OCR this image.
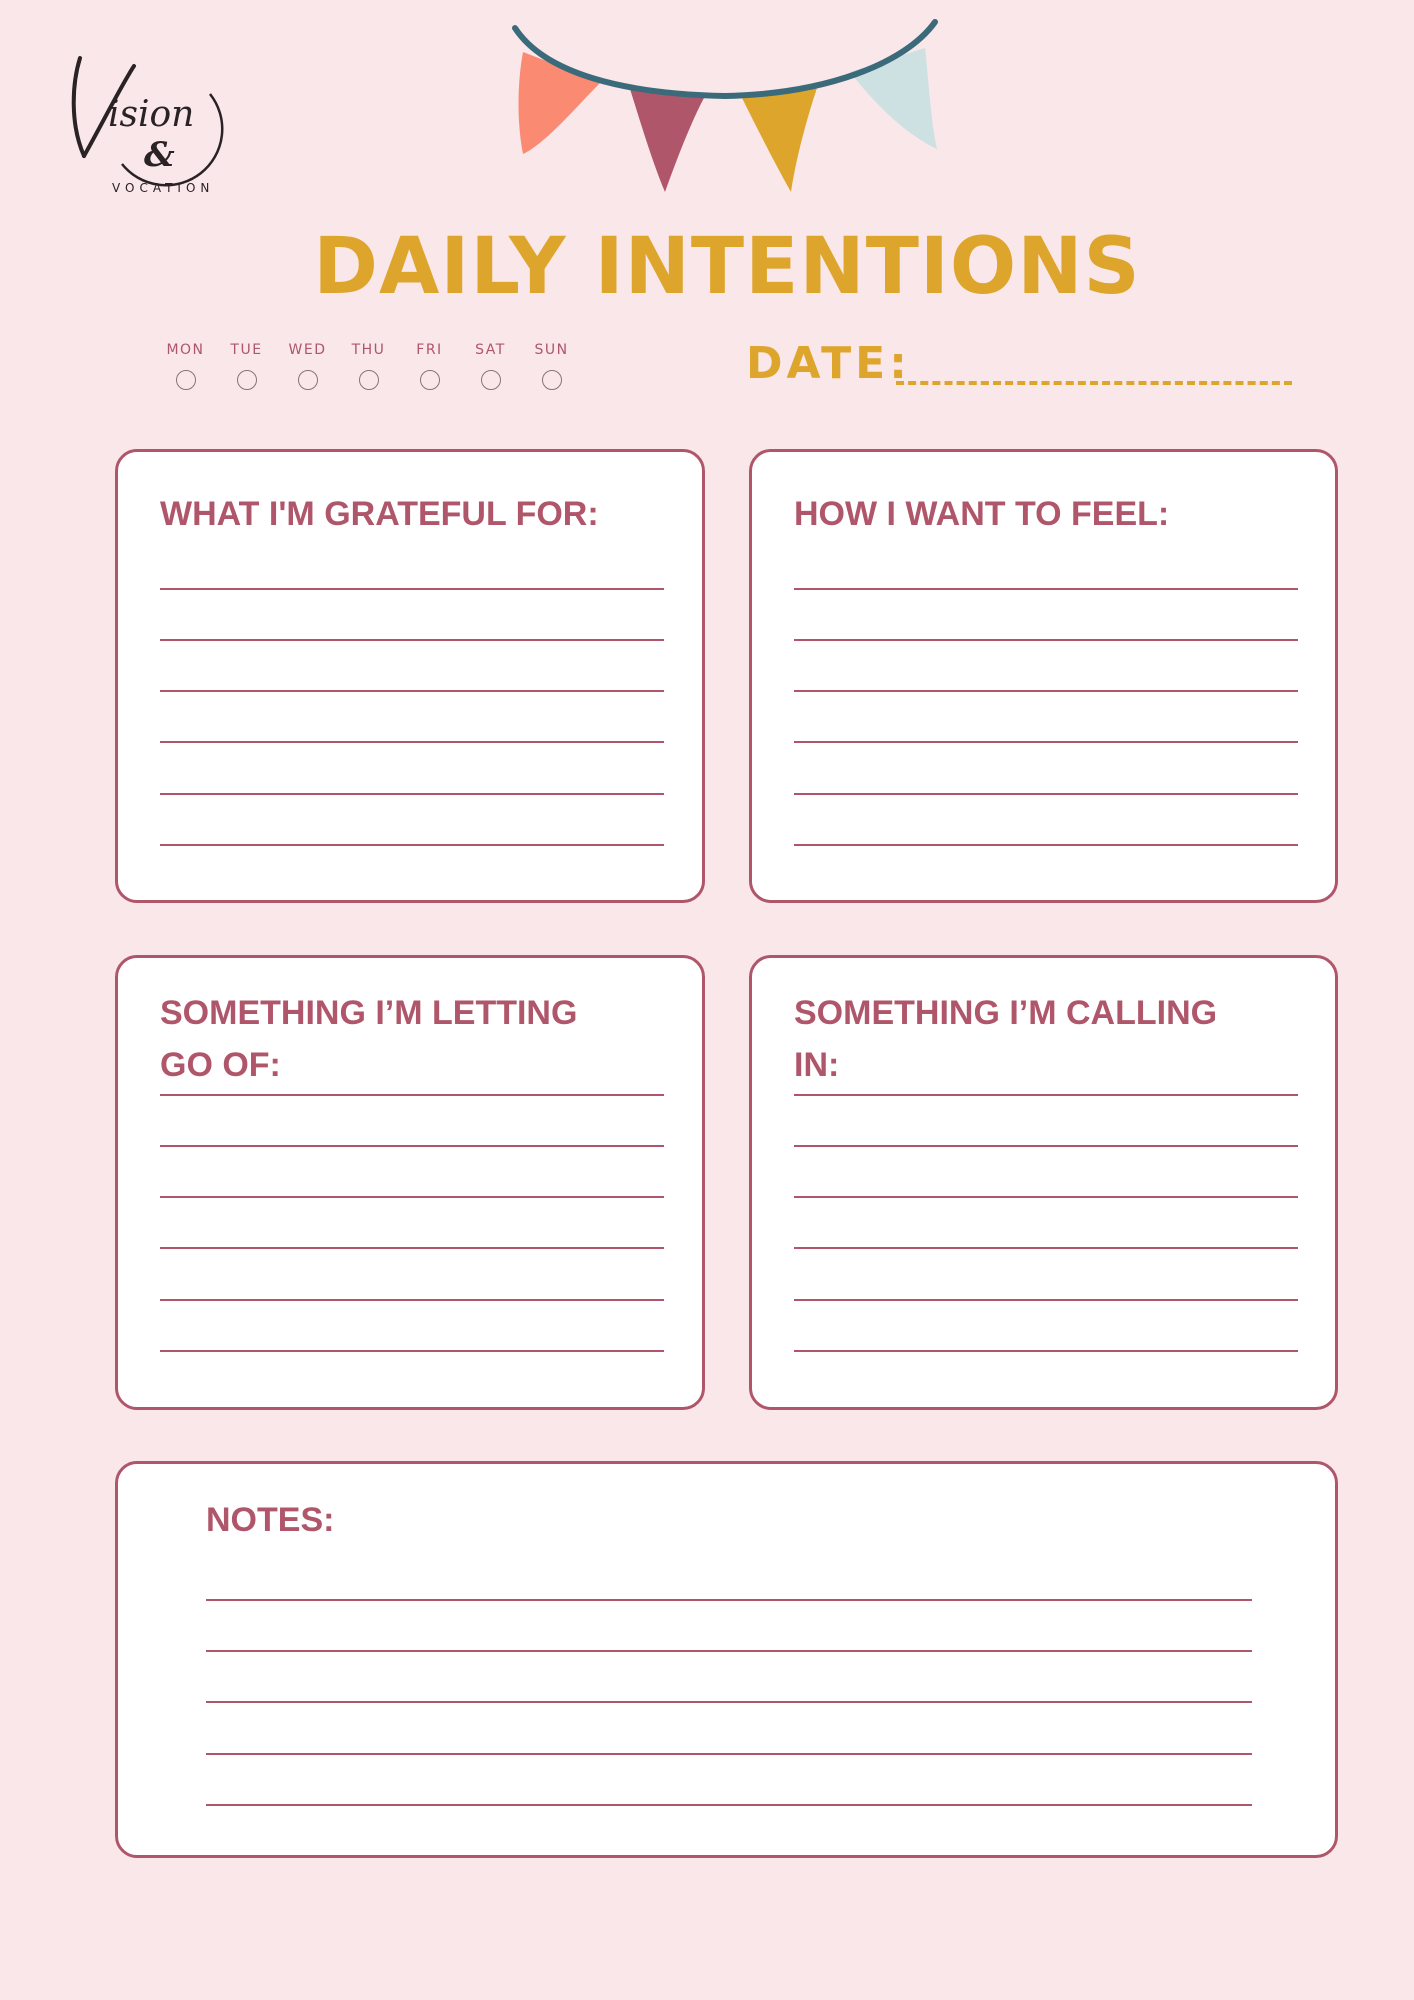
ision
&
VOCATION
DAILY INTENTIONS
MON TUE WED THU FRI SAT SUN	DATE:
WHAT I'M GRATEFUL FOR:	HOW I WANT TO FEEL:
SOMETHING I’M LETTING
GO OF:
SOMETHING I’M CALLING
IN:
NOTES:
